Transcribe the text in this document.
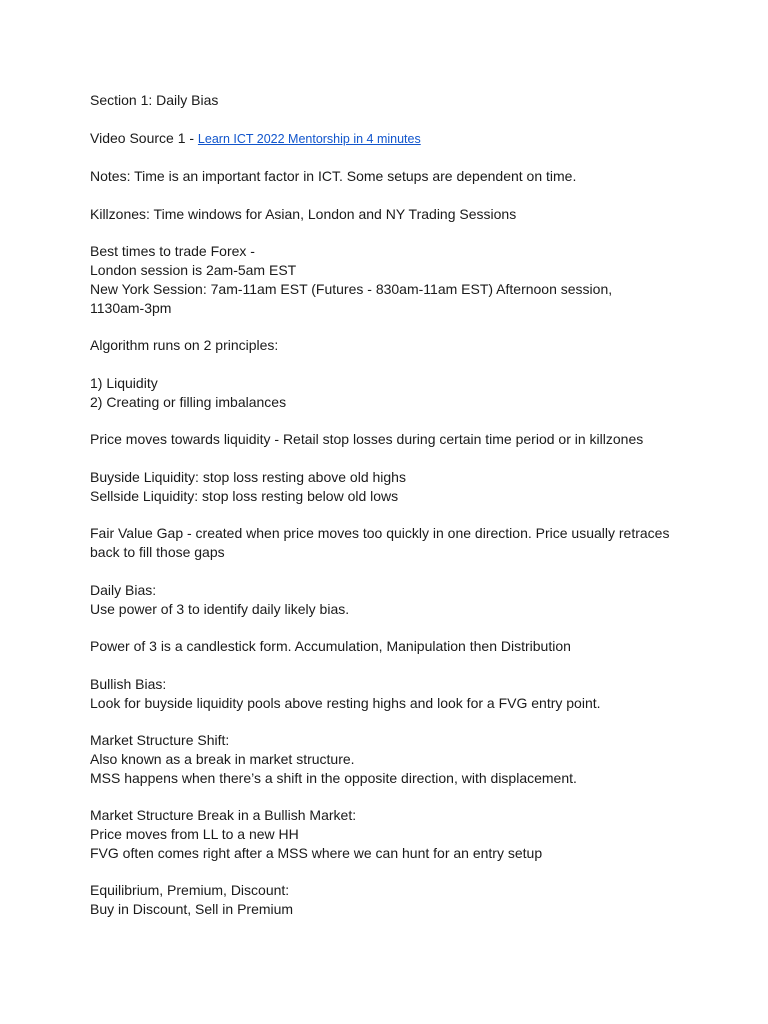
Section 1: Daily Bias
Video Source 1 - Learn ICT 2022 Mentorship in 4 minutes
Notes: Time is an important factor in ICT. Some setups are dependent on time.
Killzones: Time windows for Asian, London and NY Trading Sessions
Best times to trade Forex -
London session is 2am-5am EST
New York Session: 7am-11am EST (Futures - 830am-11am EST) Afternoon session, 1130am-3pm
Algorithm runs on 2 principles:
1) Liquidity
2) Creating or filling imbalances
Price moves towards liquidity - Retail stop losses during certain time period or in killzones
Buyside Liquidity: stop loss resting above old highs
Sellside Liquidity: stop loss resting below old lows
Fair Value Gap - created when price moves too quickly in one direction. Price usually retraces back to fill those gaps
Daily Bias:
Use power of 3 to identify daily likely bias.
Power of 3 is a candlestick form. Accumulation, Manipulation then Distribution
Bullish Bias:
Look for buyside liquidity pools above resting highs and look for a FVG entry point.
Market Structure Shift:
Also known as a break in market structure.
MSS happens when there’s a shift in the opposite direction, with displacement.
Market Structure Break in a Bullish Market:
Price moves from LL to a new HH
FVG often comes right after a MSS where we can hunt for an entry setup
Equilibrium, Premium, Discount:
Buy in Discount, Sell in Premium
